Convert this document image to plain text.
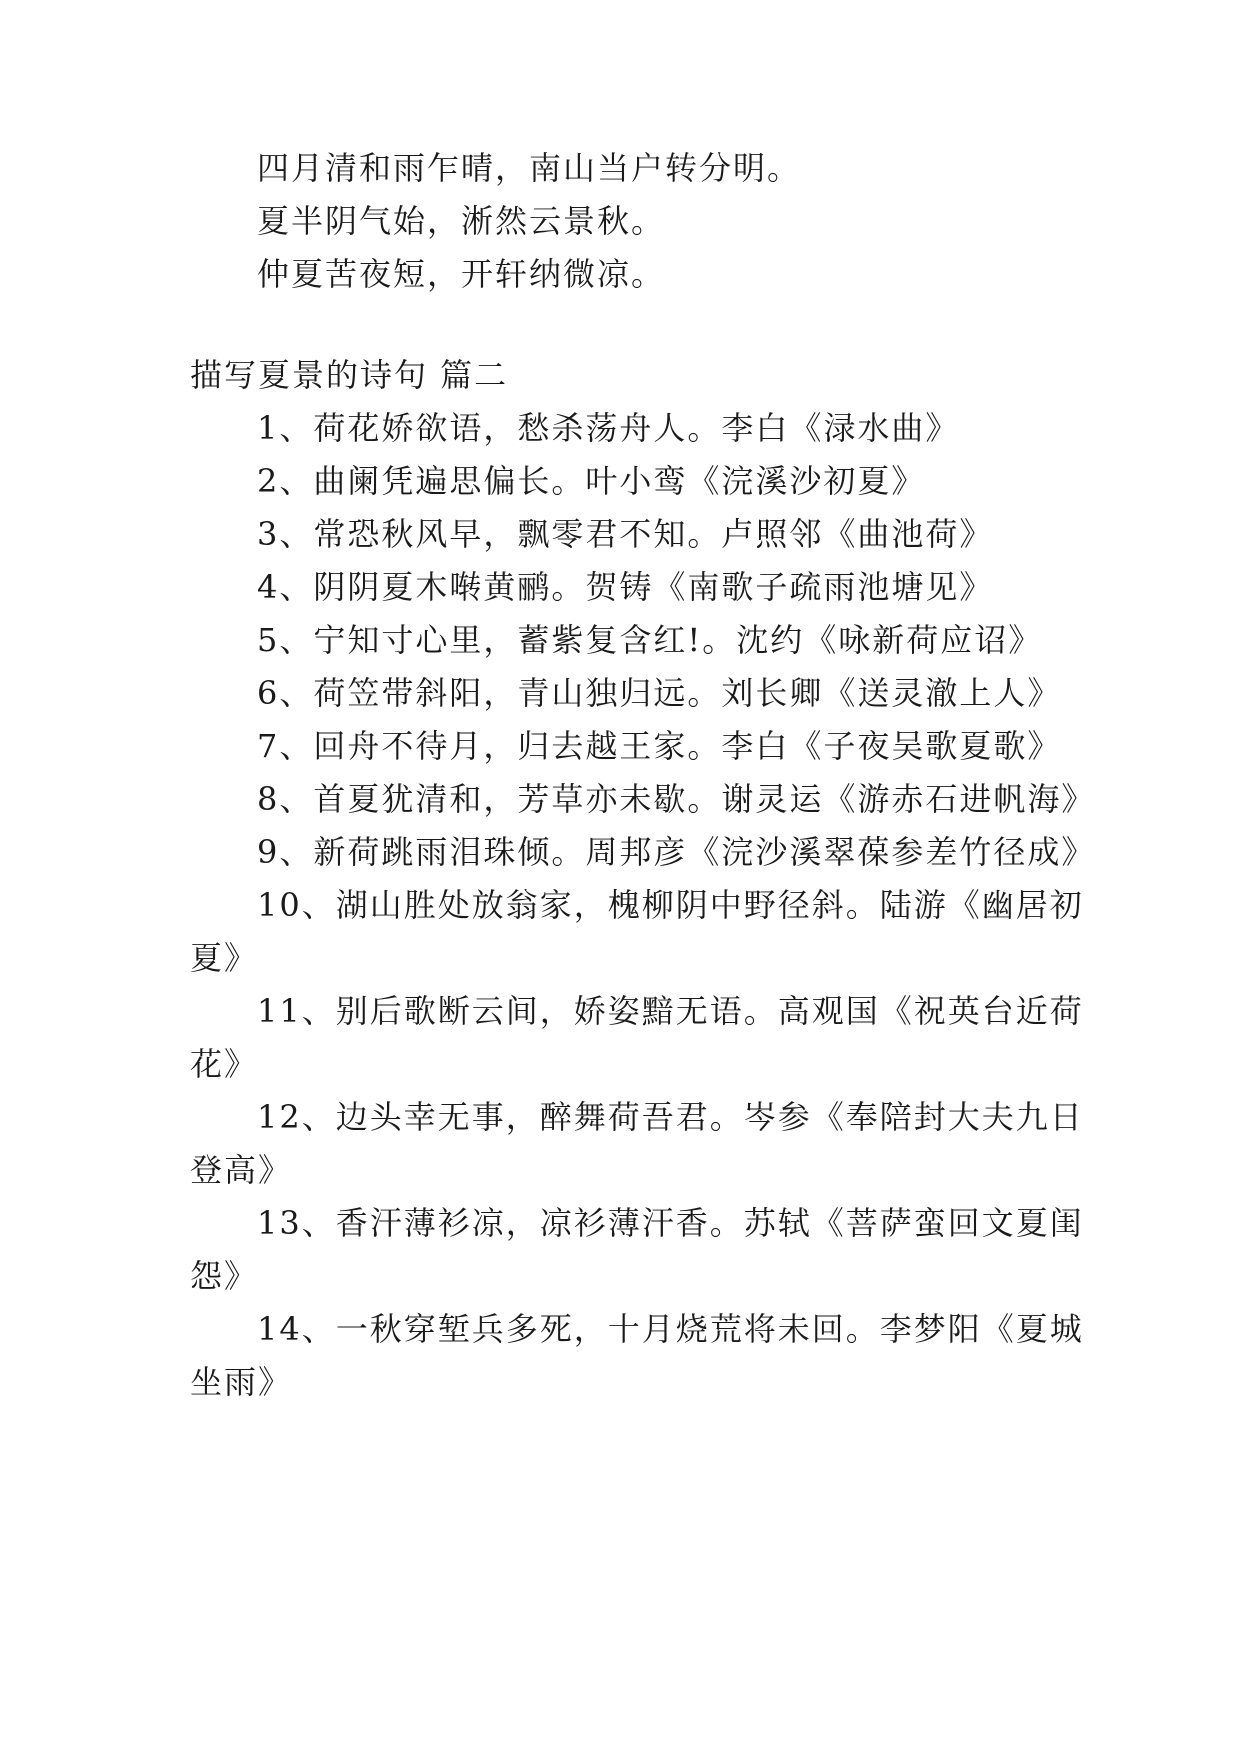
四月清和雨乍晴，南山当户转分明。
夏半阴气始，淅然云景秋。
仲夏苦夜短，开轩纳微凉。
描写夏景的诗句 篇二
1、荷花娇欲语，愁杀荡舟人。李白《渌水曲》
2、曲阑凭遍思偏长。叶小鸾《浣溪沙初夏》
3、常恐秋风早，飘零君不知。卢照邻《曲池荷》
4、阴阴夏木啭黄鹂。贺铸《南歌子疏雨池塘见》
5、宁知寸心里，蓄紫复含红!。沈约《咏新荷应诏》
6、荷笠带斜阳，青山独归远。刘长卿《送灵澈上人》
7、回舟不待月，归去越王家。李白《子夜吴歌夏歌》
8、首夏犹清和，芳草亦未歇。谢灵运《游赤石进帆海》
9、新荷跳雨泪珠倾。周邦彦《浣沙溪翠葆参差竹径成》
10、湖山胜处放翁家，槐柳阴中野径斜。陆游《幽居初
夏》
11、别后歌断云间，娇姿黯无语。高观国《祝英台近荷
花》
12、边头幸无事，醉舞荷吾君。岑参《奉陪封大夫九日
登高》
13、香汗薄衫凉，凉衫薄汗香。苏轼《菩萨蛮回文夏闺
怨》
14、一秋穿堑兵多死，十月烧荒将未回。李梦阳《夏城
坐雨》
